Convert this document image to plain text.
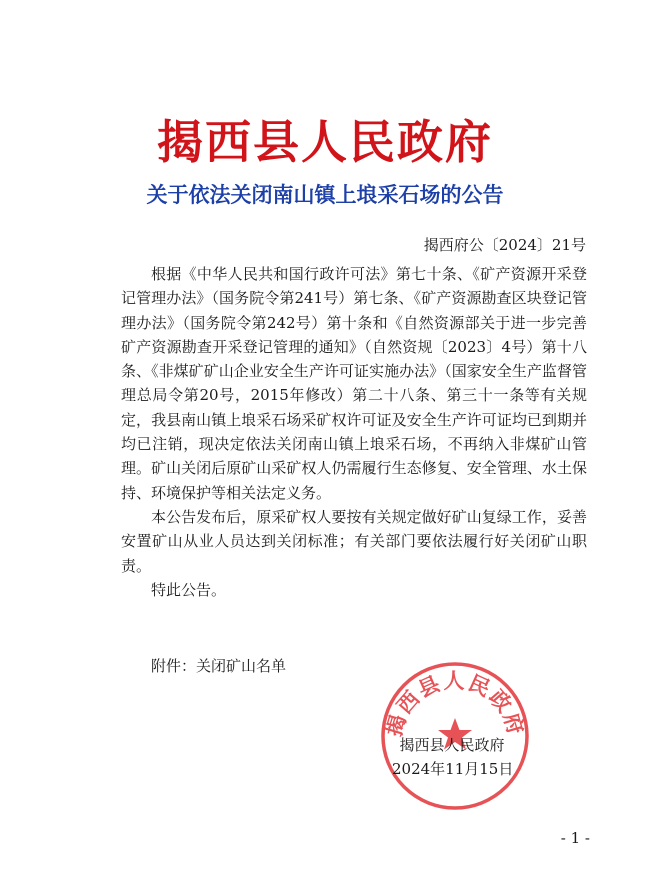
揭西县人民政府
关于依法关闭南山镇上埌采石场的公告
揭西府公〔2024〕21号

根据《中华人民共和国行政许可法》第七十条、《矿产资源开采登记管理办法》（国务院令第241号）第七条、《矿产资源勘查区块登记管理办法》（国务院令第242号）第十条和《自然资源部关于进一步完善矿产资源勘查开采登记管理的通知》（自然资规〔2023〕4号）第十八条、《非煤矿矿山企业安全生产许可证实施办法》（国家安全生产监督管理总局令第20号，2015年修改）第二十八条、第三十一条等有关规定，我县南山镇上埌采石场采矿权许可证及安全生产许可证均已到期并均已注销，现决定依法关闭南山镇上埌采石场，不再纳入非煤矿山管理。矿山关闭后原矿山采矿权人仍需履行生态修复、安全管理、水土保持、环境保护等相关法定义务。

本公告发布后，原采矿权人要按有关规定做好矿山复绿工作，妥善安置矿山从业人员达到关闭标准；有关部门要依法履行好关闭矿山职责。

特此公告。

附件：关闭矿山名单
揭西县人民政府
揭西县人民政府
2024年11月15日
- 1 -
